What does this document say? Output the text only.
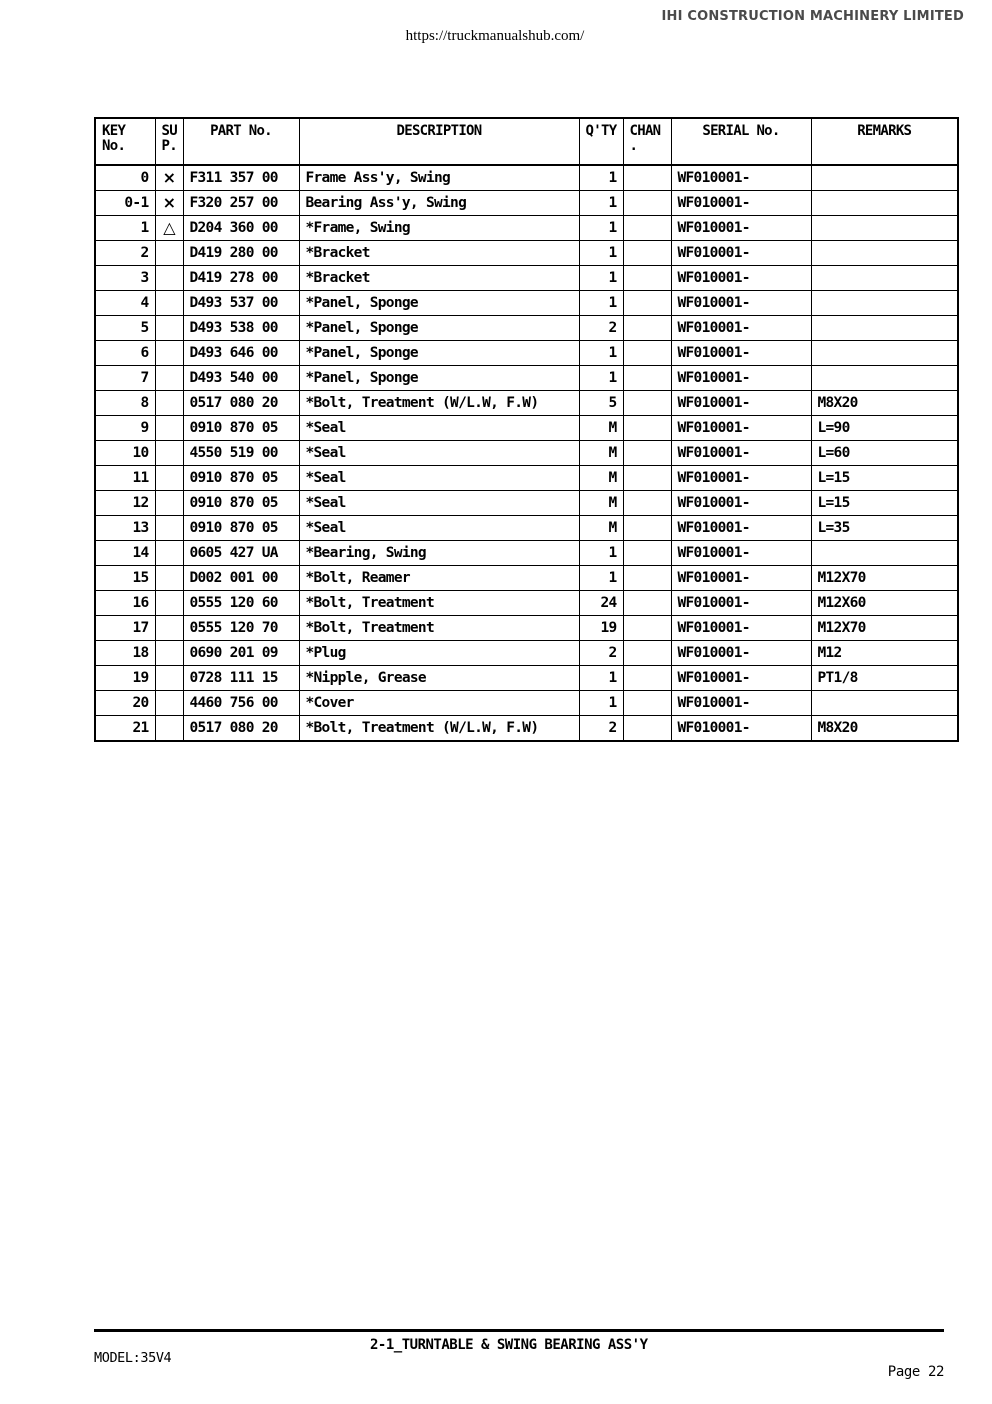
IHI CONSTRUCTION MACHINERY LIMITED
https://truckmanualshub.com/
KEY No.	SU P.	PART No.	DESCRIPTION	Q'TY	CHAN .	SERIAL No.	REMARKS
0	×	F311 357 00	Frame Ass'y, Swing	1		WF010001-	
0-1	×	F320 257 00	Bearing Ass'y, Swing	1		WF010001-	
1	△	D204 360 00	*Frame, Swing	1		WF010001-	
2		D419 280 00	*Bracket	1		WF010001-	
3		D419 278 00	*Bracket	1		WF010001-	
4		D493 537 00	*Panel, Sponge	1		WF010001-	
5		D493 538 00	*Panel, Sponge	2		WF010001-	
6		D493 646 00	*Panel, Sponge	1		WF010001-	
7		D493 540 00	*Panel, Sponge	1		WF010001-	
8		0517 080 20	*Bolt, Treatment (W/L.W, F.W)	5		WF010001-	M8X20
9		0910 870 05	*Seal	M		WF010001-	L=90
10		4550 519 00	*Seal	M		WF010001-	L=60
11		0910 870 05	*Seal	M		WF010001-	L=15
12		0910 870 05	*Seal	M		WF010001-	L=15
13		0910 870 05	*Seal	M		WF010001-	L=35
14		0605 427 UA	*Bearing, Swing	1		WF010001-	
15		D002 001 00	*Bolt, Reamer	1		WF010001-	M12X70
16		0555 120 60	*Bolt, Treatment	24		WF010001-	M12X60
17		0555 120 70	*Bolt, Treatment	19		WF010001-	M12X70
18		0690 201 09	*Plug	2		WF010001-	M12
19		0728 111 15	*Nipple, Grease	1		WF010001-	PT1/8
20		4460 756 00	*Cover	1		WF010001-	
21		0517 080 20	*Bolt, Treatment (W/L.W, F.W)	2		WF010001-	M8X20
2-1_TURNTABLE & SWING BEARING ASS'Y
MODEL:35V4
Page 22
